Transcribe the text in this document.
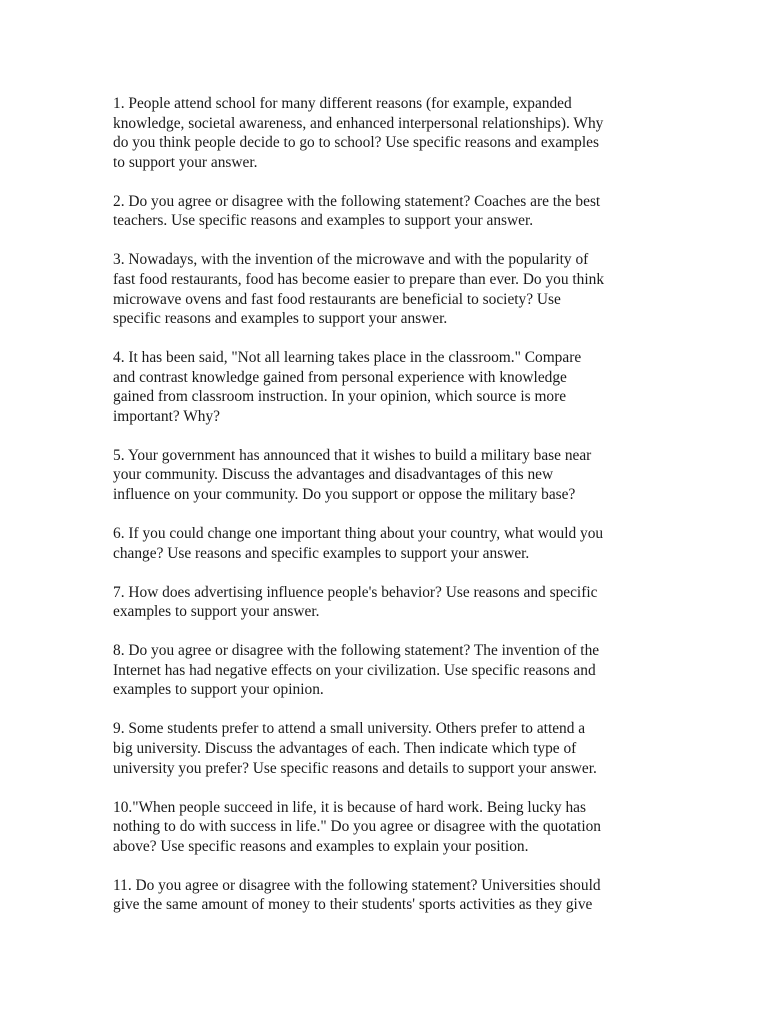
1. People attend school for many different reasons (for example, expanded
knowledge, societal awareness, and enhanced interpersonal relationships). Why
do you think people decide to go to school? Use specific reasons and examples
to support your answer.
2. Do you agree or disagree with the following statement? Coaches are the best
teachers. Use specific reasons and examples to support your answer.
3. Nowadays, with the invention of the microwave and with the popularity of
fast food restaurants, food has become easier to prepare than ever. Do you think
microwave ovens and fast food restaurants are beneficial to society? Use
specific reasons and examples to support your answer.
4. It has been said, "Not all learning takes place in the classroom." Compare
and contrast knowledge gained from personal experience with knowledge
gained from classroom instruction. In your opinion, which source is more
important? Why?
5. Your government has announced that it wishes to build a military base near
your community. Discuss the advantages and disadvantages of this new
influence on your community. Do you support or oppose the military base?
6. If you could change one important thing about your country, what would you
change? Use reasons and specific examples to support your answer.
7. How does advertising influence people's behavior? Use reasons and specific
examples to support your answer.
8. Do you agree or disagree with the following statement? The invention of the
Internet has had negative effects on your civilization. Use specific reasons and
examples to support your opinion.
9. Some students prefer to attend a small university. Others prefer to attend a
big university. Discuss the advantages of each. Then indicate which type of
university you prefer? Use specific reasons and details to support your answer.
10."When people succeed in life, it is because of hard work. Being lucky has
nothing to do with success in life." Do you agree or disagree with the quotation
above? Use specific reasons and examples to explain your position.
11. Do you agree or disagree with the following statement? Universities should
give the same amount of money to their students' sports activities as they give
